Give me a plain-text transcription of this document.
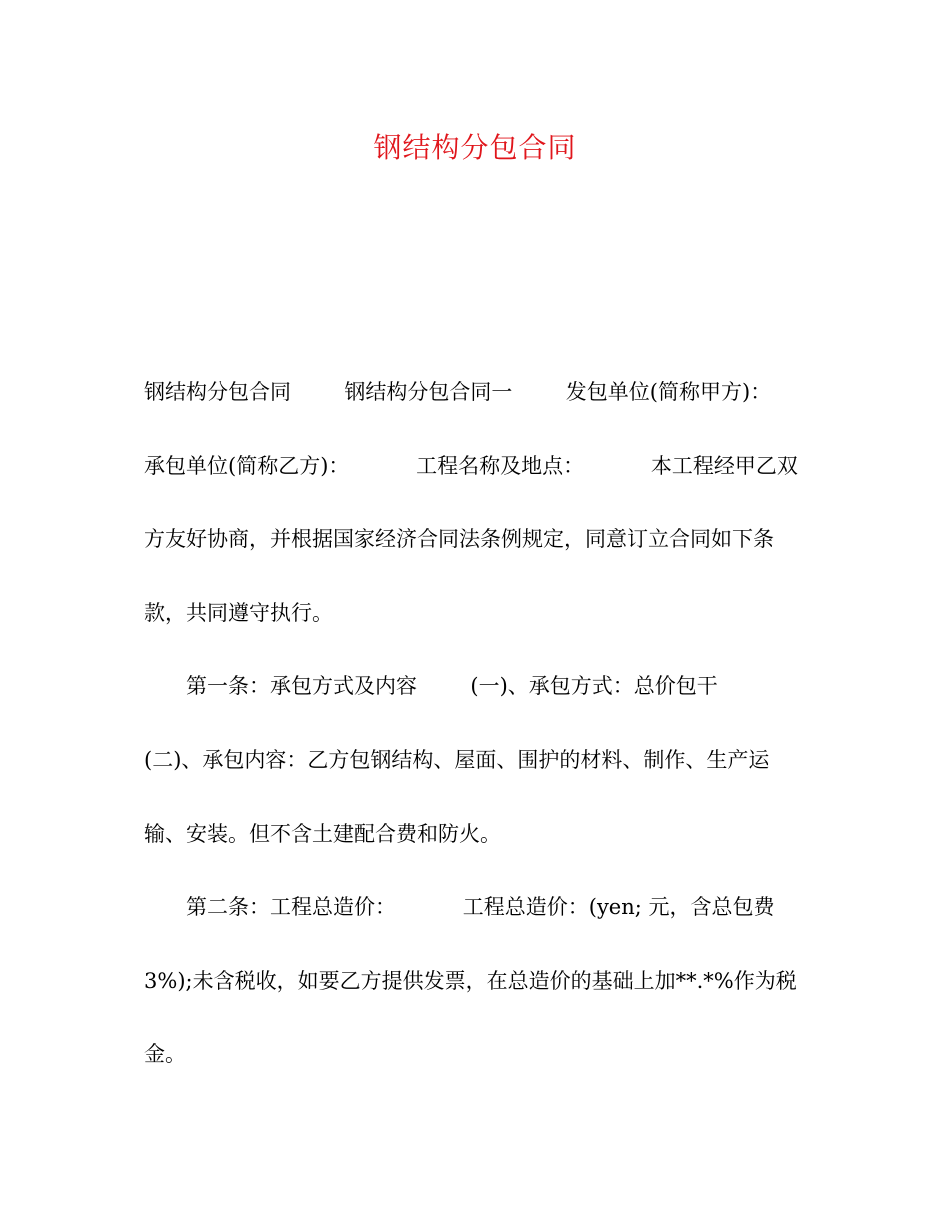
钢结构分包合同

钢结构分包合同        钢结构分包合同一        发包单位(简称甲方)：        承包单位(简称乙方)：          工程名称及地点：          本工程经甲乙双方友好协商，并根据国家经济合同法条例规定，同意订立合同如下条款，共同遵守执行。

第一条：承包方式及内容        (一)、承包方式：总价包干        (二)、承包内容：乙方包钢结构、屋面、围护的材料、制作、生产运输、安装。但不含土建配合费和防火。

第二条：工程总造价：          工程总造价：(yen; 元，含总包费3%);未含税收，如要乙方提供发票，在总造价的基础上加**.*%作为税金。
